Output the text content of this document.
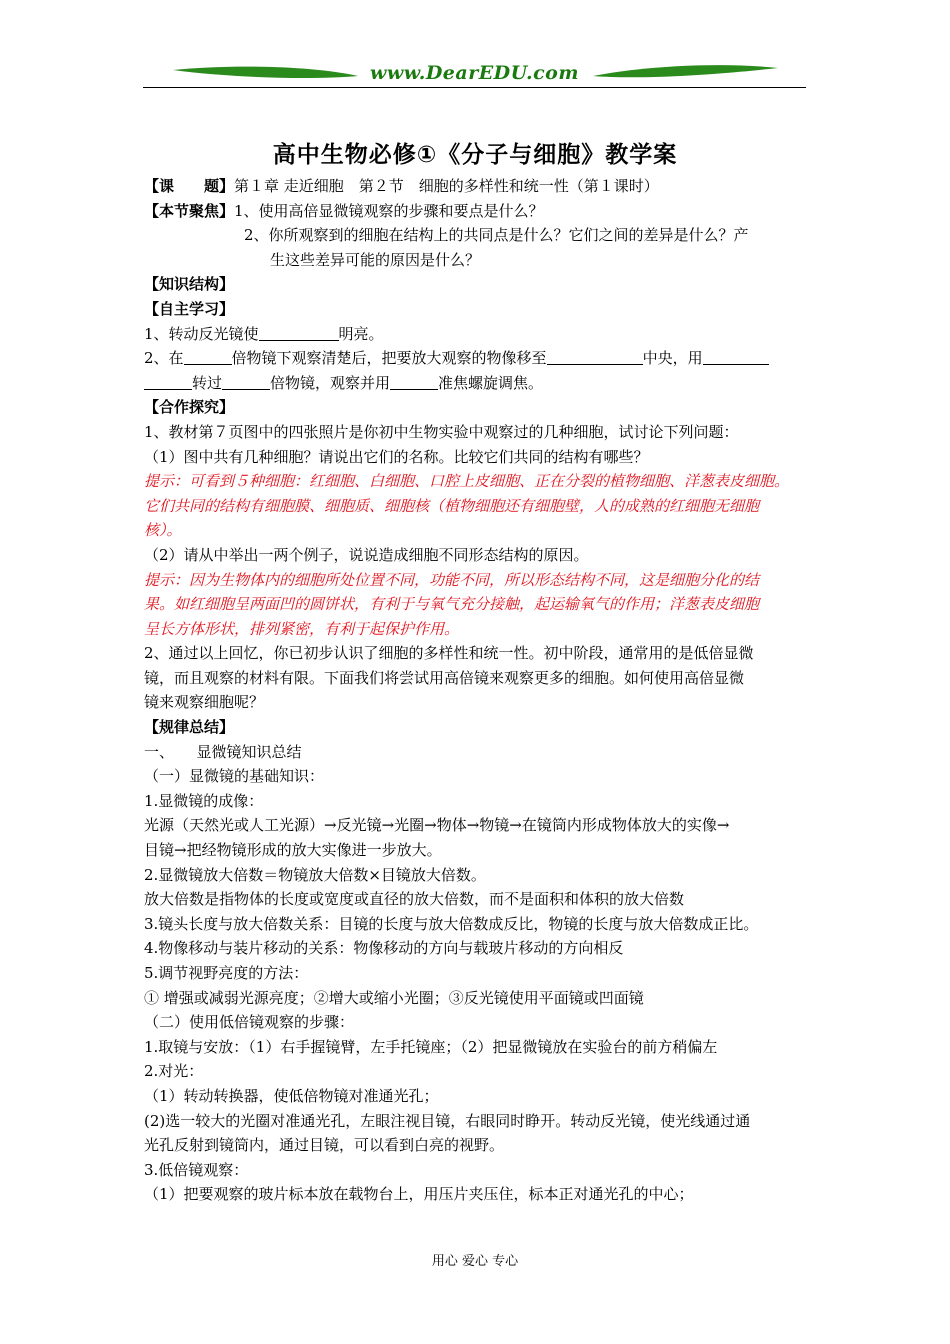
www.DearEDU.com
高中生物必修①《分子与细胞》教学案
【课　　题】第１章 走近细胞　第２节　细胞的多样性和统一性（第１课时）
【本节聚焦】1、使用高倍显微镜观察的步骤和要点是什么？
2、你所观察到的细胞在结构上的共同点是什么？它们之间的差异是什么？产
生这些差异可能的原因是什么？
【知识结构】
【自主学习】
1、转动反光镜使	明亮。
2、在	倍物镜下观察清楚后，把要放大观察的物像移至	中央，用
转过	倍物镜，观察并用	准焦螺旋调焦。
【合作探究】
1、教材第７页图中的四张照片是你初中生物实验中观察过的几种细胞，试讨论下列问题：
（1）图中共有几种细胞？请说出它们的名称。比较它们共同的结构有哪些？
提示：可看到５种细胞：红细胞、白细胞、口腔上皮细胞、正在分裂的植物细胞、洋葱表皮细胞。
它们共同的结构有细胞膜、细胞质、细胞核（植物细胞还有细胞壁，人的成熟的红细胞无细胞
核）。
（2）请从中举出一两个例子，说说造成细胞不同形态结构的原因。
提示：因为生物体内的细胞所处位置不同，功能不同，所以形态结构不同，这是细胞分化的结
果。如红细胞呈两面凹的圆饼状，有利于与氧气充分接触，起运输氧气的作用；洋葱表皮细胞
呈长方体形状，排列紧密，有利于起保护作用。
2、通过以上回忆，你已初步认识了细胞的多样性和统一性。初中阶段，通常用的是低倍显微
镜，而且观察的材料有限。下面我们将尝试用高倍镜来观察更多的细胞。如何使用高倍显微
镜来观察细胞呢？
【规律总结】
一、　　显微镜知识总结
（一）显微镜的基础知识：
1.显微镜的成像：
光源（天然光或人工光源）→反光镜→光圈→物体→物镜→在镜筒内形成物体放大的实像→
目镜→把经物镜形成的放大实像进一步放大。
2.显微镜放大倍数＝物镜放大倍数×目镜放大倍数。
放大倍数是指物体的长度或宽度或直径的放大倍数，而不是面积和体积的放大倍数
3.镜头长度与放大倍数关系：目镜的长度与放大倍数成反比，物镜的长度与放大倍数成正比。
4.物像移动与装片移动的关系：物像移动的方向与载玻片移动的方向相反
5.调节视野亮度的方法：
① 增强或减弱光源亮度；②增大或缩小光圈；③反光镜使用平面镜或凹面镜
（二）使用低倍镜观察的步骤：
1.取镜与安放：（1）右手握镜臂，左手托镜座；（2）把显微镜放在实验台的前方稍偏左
2.对光：
（1）转动转换器，使低倍物镜对准通光孔；
(2)选一较大的光圈对准通光孔，左眼注视目镜，右眼同时睁开。转动反光镜，使光线通过通
光孔反射到镜筒内，通过目镜，可以看到白亮的视野。
3.低倍镜观察：
（1）把要观察的玻片标本放在载物台上，用压片夹压住，标本正对通光孔的中心；
用心 爱心 专心
